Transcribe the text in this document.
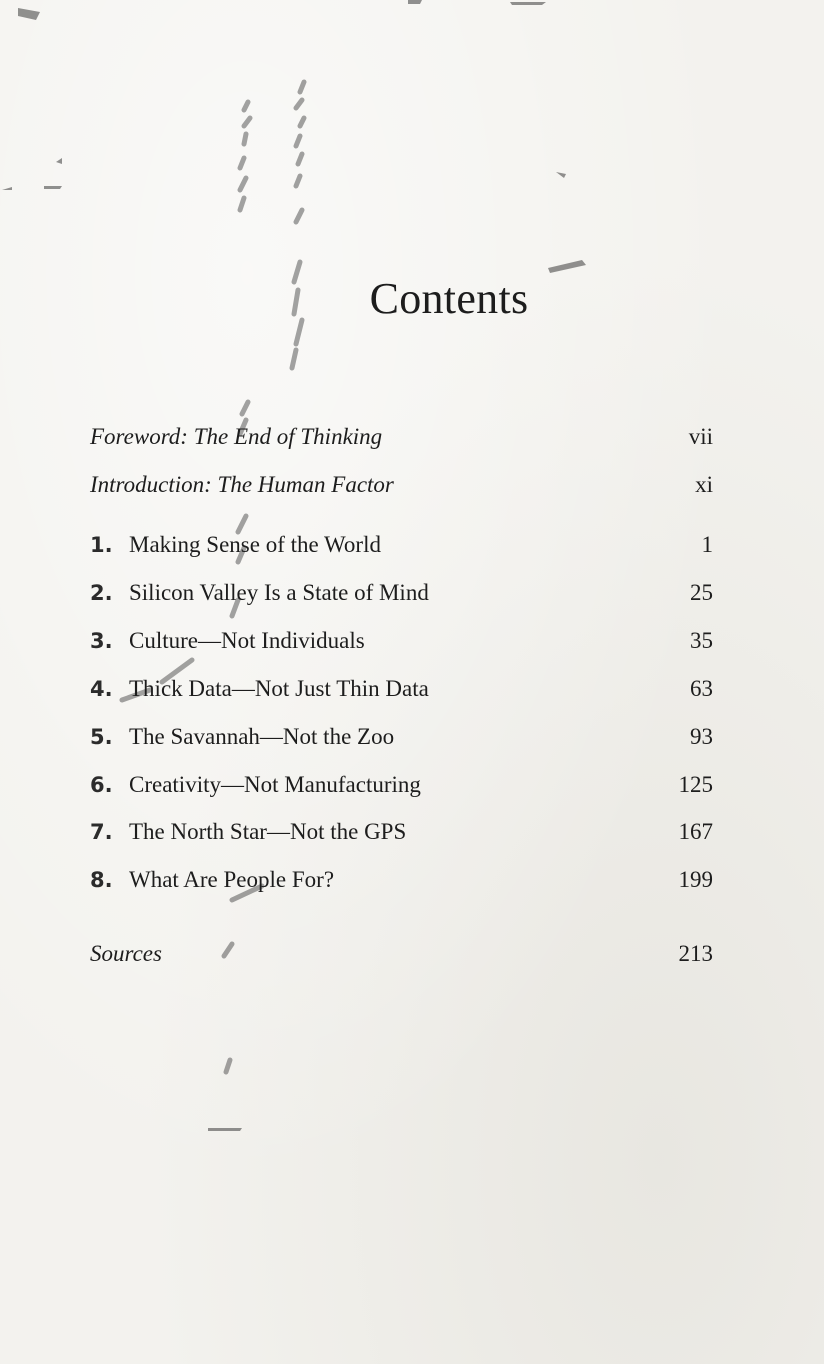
Contents
Foreword: The End of Thinking	vii
Introduction: The Human Factor	xi
1. Making Sense of the World	1
2. Silicon Valley Is a State of Mind	25
3. Culture—Not Individuals	35
4. Thick Data—Not Just Thin Data	63
5. The Savannah—Not the Zoo	93
6. Creativity—Not Manufacturing	125
7. The North Star—Not the GPS	167
8. What Are People For?	199
Sources	213
